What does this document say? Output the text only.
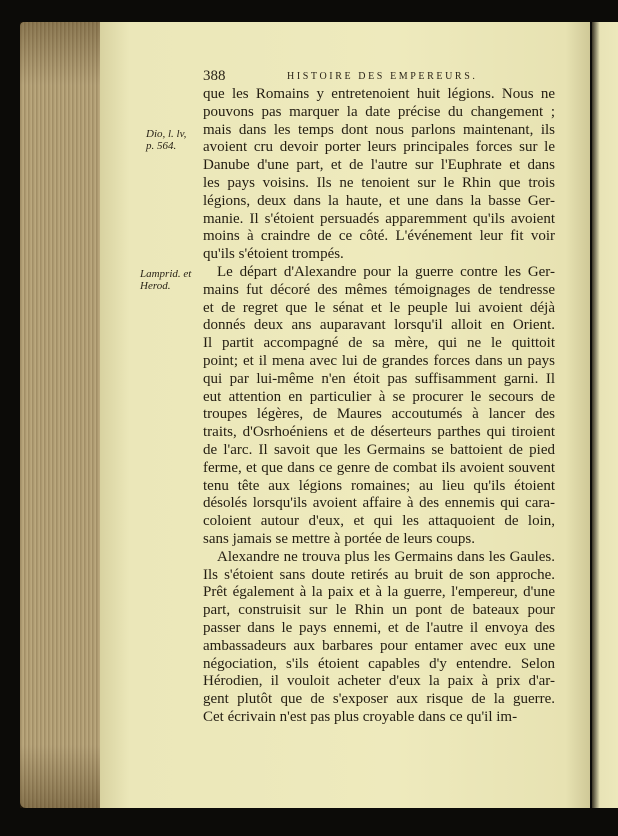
388	HISTOIRE DES EMPEREURS.
Dio, l. lv,
p. 564.
Lamprid. et
Herod.
que les Romains y entretenoient huit légions. Nous ne
pouvons pas marquer la date précise du changement ;
mais dans les temps dont nous parlons maintenant, ils
avoient cru devoir porter leurs principales forces sur le
Danube d'une part, et de l'autre sur l'Euphrate et dans
les pays voisins. Ils ne tenoient sur le Rhin que trois
légions, deux dans la haute, et une dans la basse Ger-
manie. Il s'étoient persuadés apparemment qu'ils avoient
moins à craindre de ce côté. L'événement leur fit voir
qu'ils s'étoient trompés.
Le départ d'Alexandre pour la guerre contre les Ger-
mains fut décoré des mêmes témoignages de tendresse
et de regret que le sénat et le peuple lui avoient déjà
donnés deux ans auparavant lorsqu'il alloit en Orient.
Il partit accompagné de sa mère, qui ne le quittoit
point; et il mena avec lui de grandes forces dans un pays
qui par lui-même n'en étoit pas suffisamment garni. Il
eut attention en particulier à se procurer le secours de
troupes légères, de Maures accoutumés à lancer des
traits, d'Osrhoéniens et de déserteurs parthes qui tiroient
de l'arc. Il savoit que les Germains se battoient de pied
ferme, et que dans ce genre de combat ils avoient souvent
tenu tête aux légions romaines; au lieu qu'ils étoient
désolés lorsqu'ils avoient affaire à des ennemis qui cara-
coloient autour d'eux, et qui les attaquoient de loin,
sans jamais se mettre à portée de leurs coups.
Alexandre ne trouva plus les Germains dans les Gaules.
Ils s'étoient sans doute retirés au bruit de son approche.
Prêt également à la paix et à la guerre, l'empereur, d'une
part, construisit sur le Rhin un pont de bateaux pour
passer dans le pays ennemi, et de l'autre il envoya des
ambassadeurs aux barbares pour entamer avec eux une
négociation, s'ils étoient capables d'y entendre. Selon
Hérodien, il vouloit acheter d'eux la paix à prix d'ar-
gent plutôt que de s'exposer aux risque de la guerre.
Cet écrivain n'est pas plus croyable dans ce qu'il im-
